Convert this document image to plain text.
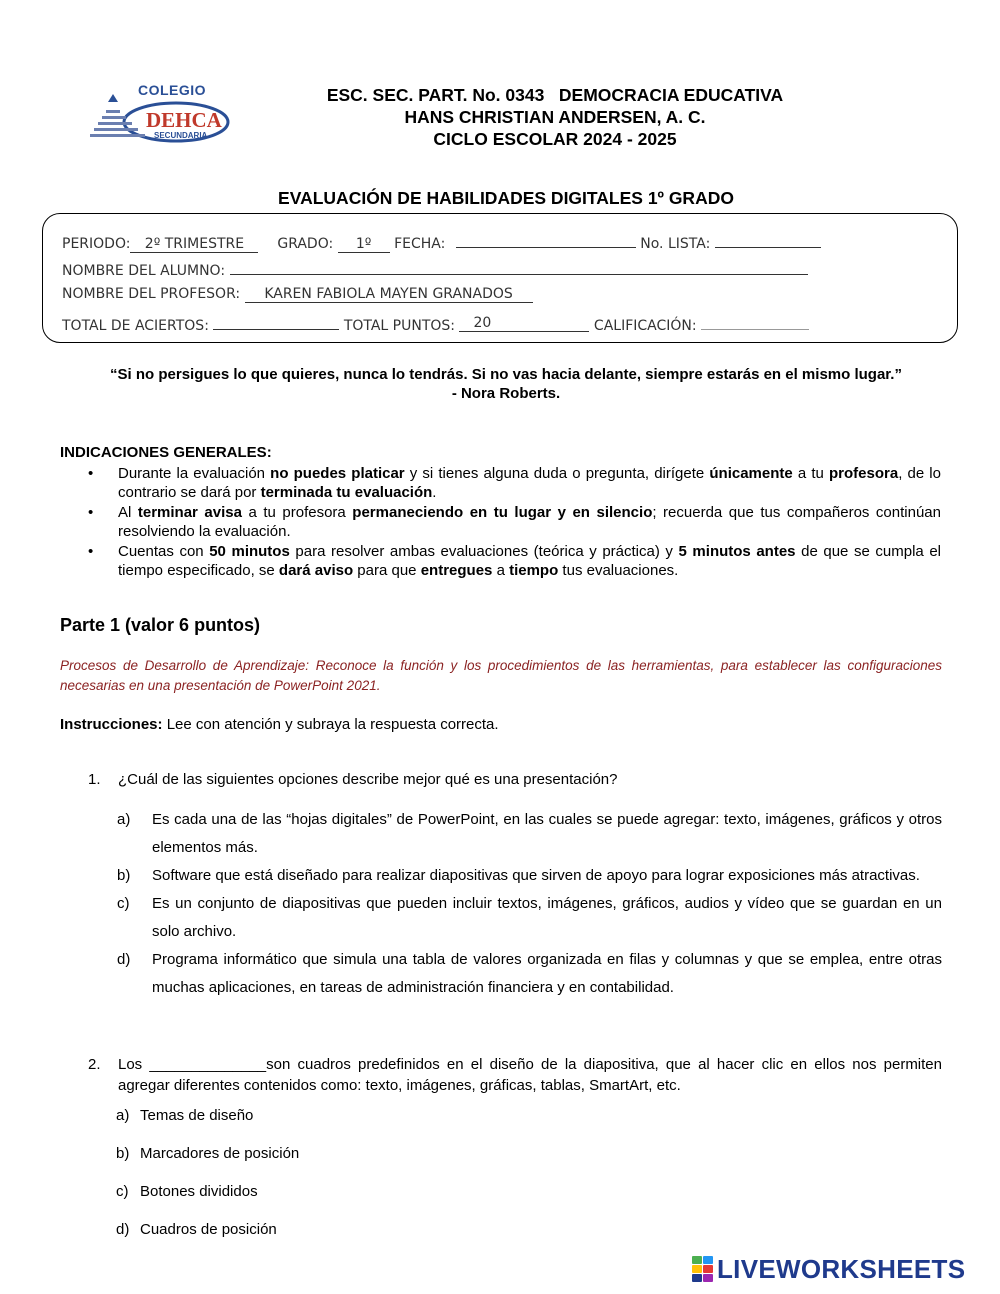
COLEGIO
DEHCA
SECUNDARIA
ESC. SEC. PART. No. 0343   DEMOCRACIA EDUCATIVA
HANS CHRISTIAN ANDERSEN, A. C.
CICLO ESCOLAR 2024 - 2025
EVALUACIÓN DE HABILIDADES DIGITALES 1º GRADO
PERIODO: 2º TRIMESTRE GRADO: 1º FECHA:	No. LISTA:
NOMBRE DEL ALUMNO:
NOMBRE DEL PROFESOR: KAREN FABIOLA MAYEN GRANADOS
TOTAL DE ACIERTOS:	TOTAL PUNTOS: 20	CALIFICACIÓN:
“Si no persigues lo que quieres, nunca lo tendrás. Si no vas hacia delante, siempre estarás en el mismo lugar.”
- Nora Roberts.
INDICACIONES GENERALES:
• Durante la evaluación no puedes platicar y si tienes alguna duda o pregunta, dirígete únicamente a tu profesora, de lo contrario se dará por terminada tu evaluación.
• Al terminar avisa a tu profesora permaneciendo en tu lugar y en silencio; recuerda que tus compañeros continúan resolviendo la evaluación.
• Cuentas con 50 minutos para resolver ambas evaluaciones (teórica y práctica) y 5 minutos antes de que se cumpla el tiempo especificado, se dará aviso para que entregues a tiempo tus evaluaciones.
Parte 1 (valor 6 puntos)
Procesos de Desarrollo de Aprendizaje: Reconoce la función y los procedimientos de las herramientas, para establecer las configuraciones necesarias en una presentación de PowerPoint 2021.
Instrucciones: Lee con atención y subraya la respuesta correcta.
1.	¿Cuál de las siguientes opciones describe mejor qué es una presentación?
a) Es cada una de las “hojas digitales” de PowerPoint, en las cuales se puede agregar: texto, imágenes, gráficos y otros elementos más.
b) Software que está diseñado para realizar diapositivas que sirven de apoyo para lograr exposiciones más atractivas.
c) Es un conjunto de diapositivas que pueden incluir textos, imágenes, gráficos, audios y vídeo que se guardan en un solo archivo.
d) Programa informático que simula una tabla de valores organizada en filas y columnas y que se emplea, entre otras muchas aplicaciones, en tareas de administración financiera y en contabilidad.
2.	Los ______________son cuadros predefinidos en el diseño de la diapositiva, que al hacer clic en ellos nos permiten agregar diferentes contenidos como: texto, imágenes, gráficas, tablas, SmartArt, etc.
a) Temas de diseño
b) Marcadores de posición
c) Botones divididos
d) Cuadros de posición
LIVEWORKSHEETS
